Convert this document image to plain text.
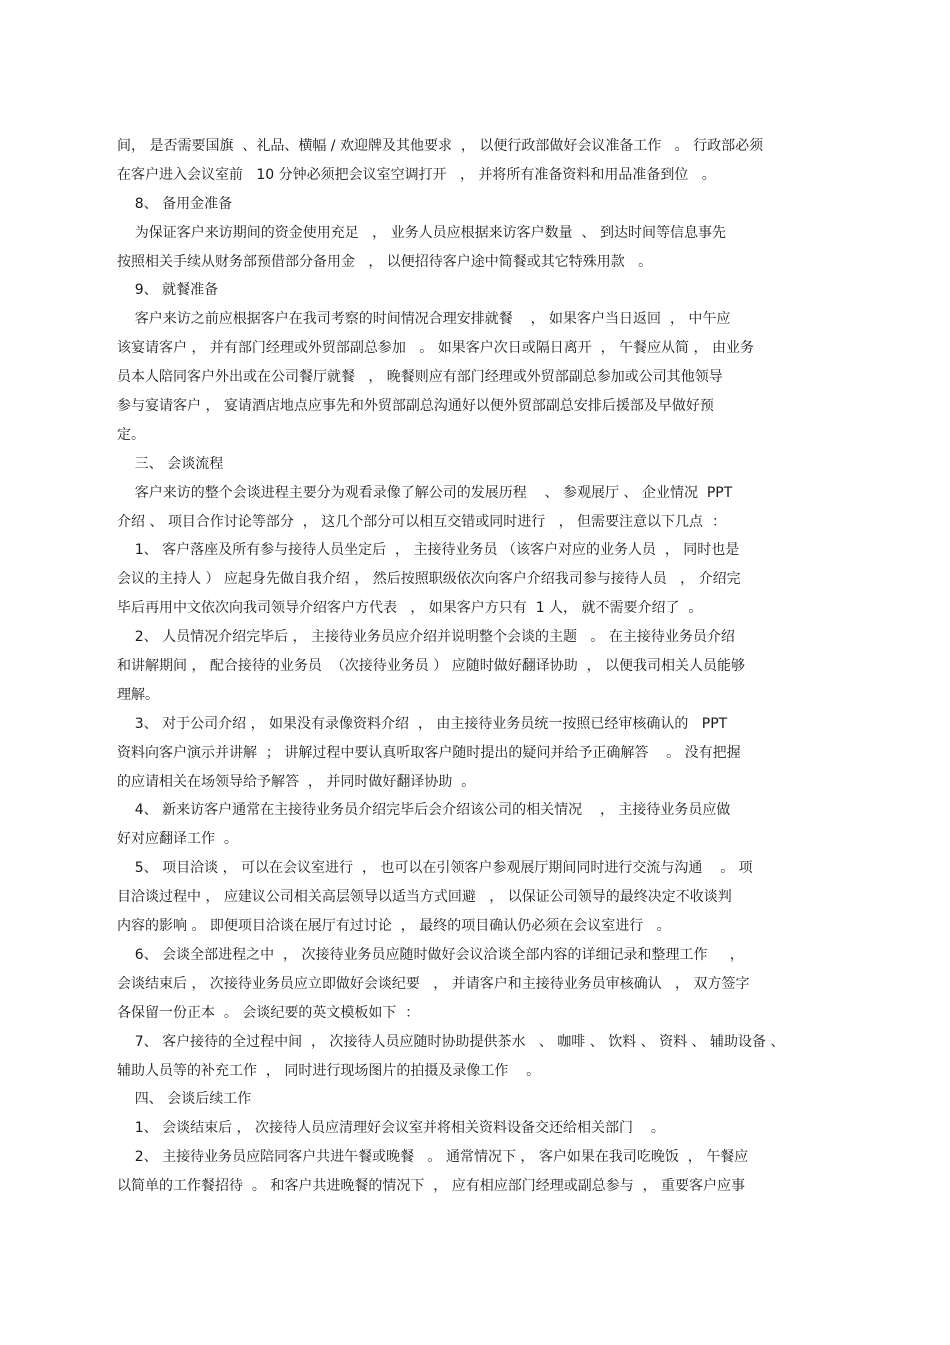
间， 是否需要国旗  、礼品、横幅 / 欢迎牌及其他要求  ， 以便行政部做好会议准备工作   。 行政部必须
在客户进入会议室前   10 分钟必须把会议室空调打开   ， 并将所有准备资料和用品准备到位   。
8、 备用金准备
为保证客户来访期间的资金使用充足   ， 业务人员应根据来访客户数量  、 到达时间等信息事先
按照相关手续从财务部预借部分备用金   ， 以便招待客户途中简餐或其它特殊用款   。
9、 就餐准备
客户来访之前应根据客户在我司考察的时间情况合理安排就餐    ， 如果客户当日返回  ， 中午应
该宴请客户 ， 并有部门经理或外贸部副总参加   。 如果客户次日或隔日离开  ， 午餐应从简 ， 由业务
员本人陪同客户外出或在公司餐厅就餐   ， 晚餐则应有部门经理或外贸部副总参加或公司其他领导
参与宴请客户 ， 宴请酒店地点应事先和外贸部副总沟通好以便外贸部副总安排后援部及早做好预
定。
三、 会谈流程
客户来访的整个会谈进程主要分为观看录像了解公司的发展历程    、 参观展厅 、 企业情况  PPT
介绍 、 项目合作讨论等部分  ， 这几个部分可以相互交错或同时进行   ， 但需要注意以下几点  ：
1、 客户落座及所有参与接待人员坐定后  ， 主接待业务员 （该客户对应的业务人员  ， 同时也是
会议的主持人 ） 应起身先做自我介绍 ， 然后按照职级依次向客户介绍我司参与接待人员   ， 介绍完
毕后再用中文依次向我司领导介绍客户方代表   ， 如果客户方只有  1 人， 就不需要介绍了  。
2、 人员情况介绍完毕后 ， 主接待业务员应介绍并说明整个会谈的主题   。 在主接待业务员介绍
和讲解期间 ， 配合接待的业务员  （次接待业务员 ） 应随时做好翻译协助  ， 以便我司相关人员能够
理解。
3、 对于公司介绍 ， 如果没有录像资料介绍  ， 由主接待业务员统一按照已经审核确认的   PPT
资料向客户演示并讲解  ； 讲解过程中要认真听取客户随时提出的疑问并给予正确解答    。 没有把握
的应请相关在场领导给予解答  ， 并同时做好翻译协助  。
4、 新来访客户通常在主接待业务员介绍完毕后会介绍该公司的相关情况    ， 主接待业务员应做
好对应翻译工作  。
5、 项目洽谈 ， 可以在会议室进行  ， 也可以在引领客户参观展厅期间同时进行交流与沟通    。 项
目洽谈过程中 ， 应建议公司相关高层领导以适当方式回避   ， 以保证公司领导的最终决定不收谈判
内容的影响 。 即便项目洽谈在展厅有过讨论  ， 最终的项目确认仍必须在会议室进行   。
6、 会谈全部进程之中  ， 次接待业务员应随时做好会议洽谈全部内容的详细记录和整理工作     ，
会谈结束后 ， 次接待业务员应立即做好会谈纪要   ， 并请客户和主接待业务员审核确认   ， 双方签字
各保留一份正本  。 会谈纪要的英文模板如下  ：
7、 客户接待的全过程中间  ， 次接待人员应随时协助提供茶水   、 咖啡 、 饮料 、 资料 、 辅助设备 、
辅助人员等的补充工作  ， 同时进行现场图片的拍摄及录像工作    。
四、 会谈后续工作
1、 会谈结束后 ， 次接待人员应清理好会议室并将相关资料设备交还给相关部门    。
2、 主接待业务员应陪同客户共进午餐或晚餐   。 通常情况下 ， 客户如果在我司吃晚饭  ， 午餐应
以简单的工作餐招待  。 和客户共进晚餐的情况下  ， 应有相应部门经理或副总参与  ， 重要客户应事
